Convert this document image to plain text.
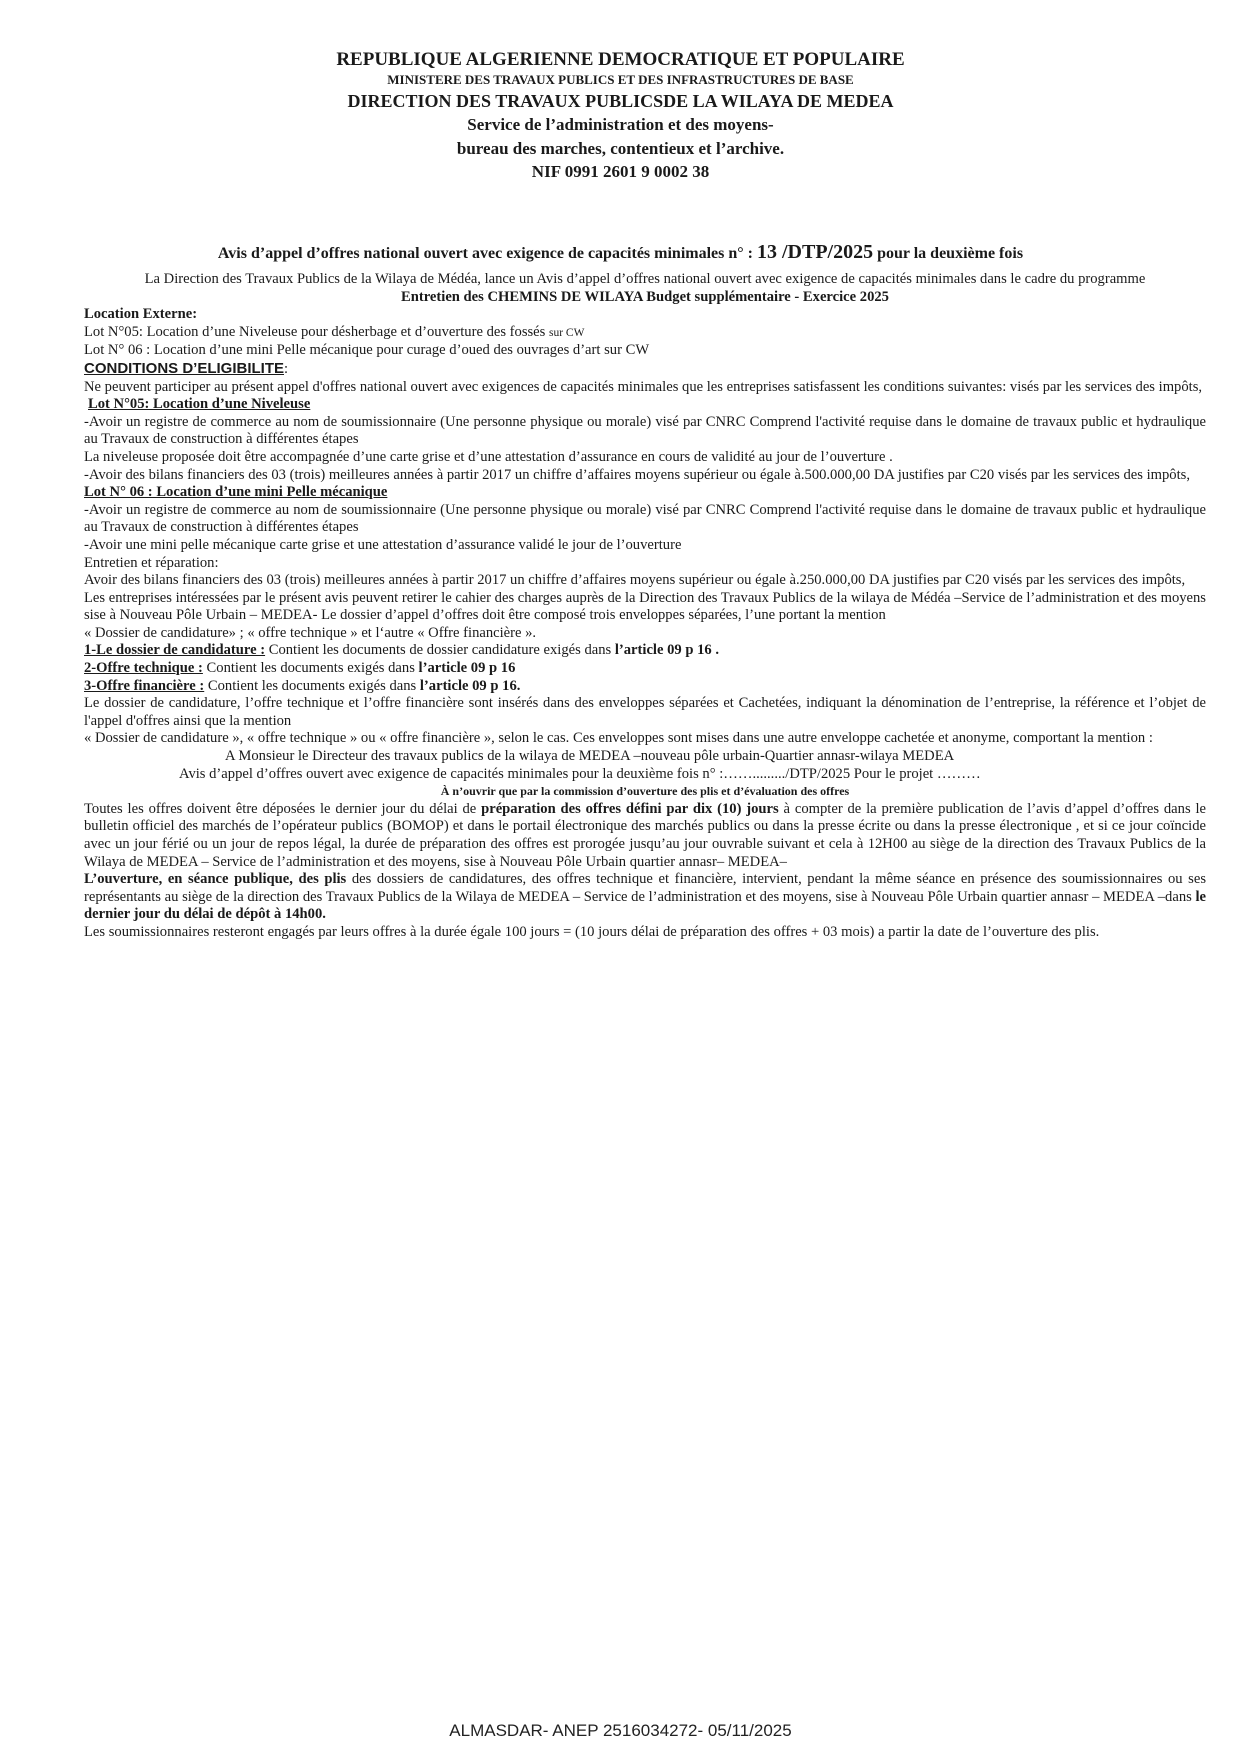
REPUBLIQUE ALGERIENNE DEMOCRATIQUE ET POPULAIRE
MINISTERE DES TRAVAUX PUBLICS ET DES INFRASTRUCTURES DE BASE
DIRECTION DES TRAVAUX PUBLICSDE LA WILAYA DE MEDEA
Service de l’administration et des moyens-
bureau des marches, contentieux et l’archive.
NIF 0991 2601 9 0002 38
Avis d’appel d’offres national ouvert avec exigence de capacités minimales n° : 13 /DTP/2025 pour la deuxième fois

La Direction des Travaux Publics de la Wilaya de Médéa, lance un Avis d’appel d’offres national ouvert avec exigence de capacités minimales dans le cadre du programme

Entretien des CHEMINS DE WILAYA Budget supplémentaire - Exercice 2025

Location Externe:

Lot N°05: Location d’une Niveleuse pour désherbage et d’ouverture des fossés sur CW

Lot N° 06 : Location d’une mini Pelle mécanique pour curage d’oued des ouvrages d’art sur CW

CONDITIONS D’ELIGIBILITE:

Ne peuvent participer au présent appel d'offres national ouvert avec exigences de capacités minimales que les entreprises satisfassent les conditions suivantes: visés par les services des impôts,

Lot N°05: Location d’une Niveleuse

-Avoir un registre de commerce au nom de soumissionnaire (Une personne physique ou morale) visé par CNRC Comprend l'activité requise dans le domaine de travaux public et hydraulique au Travaux de construction à différentes étapes

La niveleuse proposée doit être accompagnée d’une carte grise et d’une attestation d’assurance en cours de validité au jour de l’ouverture .

-Avoir des bilans financiers des 03 (trois) meilleures années à partir 2017 un chiffre d’affaires moyens supérieur ou égale à.500.000,00 DA justifies par C20 visés par les services des impôts,

Lot N° 06 : Location d’une mini Pelle mécanique

-Avoir un registre de commerce au nom de soumissionnaire (Une personne physique ou morale) visé par CNRC Comprend l'activité requise dans le domaine de travaux public et hydraulique au Travaux de construction à différentes étapes

-Avoir une mini pelle mécanique carte grise et une attestation d’assurance validé le jour de l’ouverture

Entretien et réparation:

Avoir des bilans financiers des 03 (trois) meilleures années à partir 2017 un chiffre d’affaires moyens supérieur ou égale à.250.000,00 DA justifies par C20 visés par les services des impôts,

Les entreprises intéressées par le présent avis peuvent retirer le cahier des charges auprès de la Direction des Travaux Publics de la wilaya de Médéa –Service de l’administration et des moyens sise à Nouveau Pôle Urbain – MEDEA- Le dossier d’appel d’offres doit être composé trois enveloppes séparées, l’une portant la mention

« Dossier de candidature» ; « offre technique » et l‘autre « Offre financière ».

1-Le dossier de candidature : Contient les documents de dossier candidature exigés dans l’article 09 p 16 .

2-Offre technique : Contient les documents exigés dans l’article 09 p 16

3-Offre financière : Contient les documents exigés dans l’article 09 p 16.

Le dossier de candidature, l’offre technique et l’offre financière sont insérés dans des enveloppes séparées et Cachetées, indiquant la dénomination de l’entreprise, la référence et l’objet de l'appel d'offres ainsi que la mention

« Dossier de candidature », « offre technique » ou « offre financière », selon le cas. Ces enveloppes sont mises dans une autre enveloppe cachetée et anonyme, comportant la mention :

A Monsieur le Directeur des travaux publics de la wilaya de MEDEA –nouveau pôle urbain-Quartier annasr-wilaya MEDEA

Avis d’appel d’offres ouvert avec exigence de capacités minimales pour la deuxième fois n° :……........./DTP/2025 Pour le projet ………

À n’ouvrir que par la commission d’ouverture des plis et d’évaluation des offres

Toutes les offres doivent être déposées le dernier jour du délai de préparation des offres défini par dix (10) jours à compter de la première publication de l’avis d’appel d’offres dans le bulletin officiel des marchés de l’opérateur publics (BOMOP) et dans le portail électronique des marchés publics ou dans la presse écrite ou dans la presse électronique , et si ce jour coïncide avec un jour férié ou un jour de repos légal, la durée de préparation des offres est prorogée jusqu’au jour ouvrable suivant et cela à 12H00 au siège de la direction des Travaux Publics de la Wilaya de MEDEA – Service de l’administration et des moyens, sise à Nouveau Pôle Urbain quartier annasr– MEDEA–

L’ouverture, en séance publique, des plis des dossiers de candidatures, des offres technique et financière, intervient, pendant la même séance en présence des soumissionnaires ou ses représentants au siège de la direction des Travaux Publics de la Wilaya de MEDEA – Service de l’administration et des moyens, sise à Nouveau Pôle Urbain quartier annasr – MEDEA –dans le dernier jour du délai de dépôt à 14h00.

Les soumissionnaires resteront engagés par leurs offres à la durée égale 100 jours = (10 jours délai de préparation des offres + 03 mois) a partir la date de l’ouverture des plis.

ALMASDAR- ANEP 2516034272- 05/11/2025
